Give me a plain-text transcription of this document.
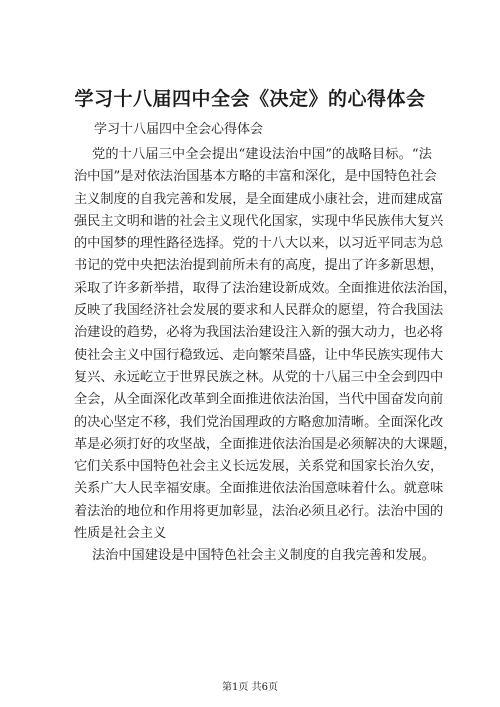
学习十八届四中全会《决定》的心得体会
学习十八届四中全会心得体会
党的十八届三中全会提出“建设法治中国”的战略目标。“法
治中国”是对依法治国基本方略的丰富和深化，是中国特色社会
主义制度的自我完善和发展，是全面建成小康社会，进而建成富
强民主文明和谐的社会主义现代化国家，实现中华民族伟大复兴
的中国梦的理性路径选择。党的十八大以来，以习近平同志为总
书记的党中央把法治提到前所未有的高度，提出了许多新思想，
采取了许多新举措，取得了法治建设新成效。全面推进依法治国，
反映了我国经济社会发展的要求和人民群众的愿望，符合我国法
治建设的趋势，必将为我国法治建设注入新的强大动力，也必将
使社会主义中国行稳致远、走向繁荣昌盛，让中华民族实现伟大
复兴、永远屹立于世界民族之林。从党的十八届三中全会到四中
全会，从全面深化改革到全面推进依法治国，当代中国奋发向前
的决心坚定不移，我们党治国理政的方略愈加清晰。全面深化改
革是必须打好的攻坚战，全面推进依法治国是必须解决的大课题，
它们关系中国特色社会主义长远发展，关系党和国家长治久安，
关系广大人民幸福安康。全面推进依法治国意味着什么。就意味
着法治的地位和作用将更加彰显，法治必须且必行。法治中国的
性质是社会主义
法治中国建设是中国特色社会主义制度的自我完善和发展。
第1页 共6页
